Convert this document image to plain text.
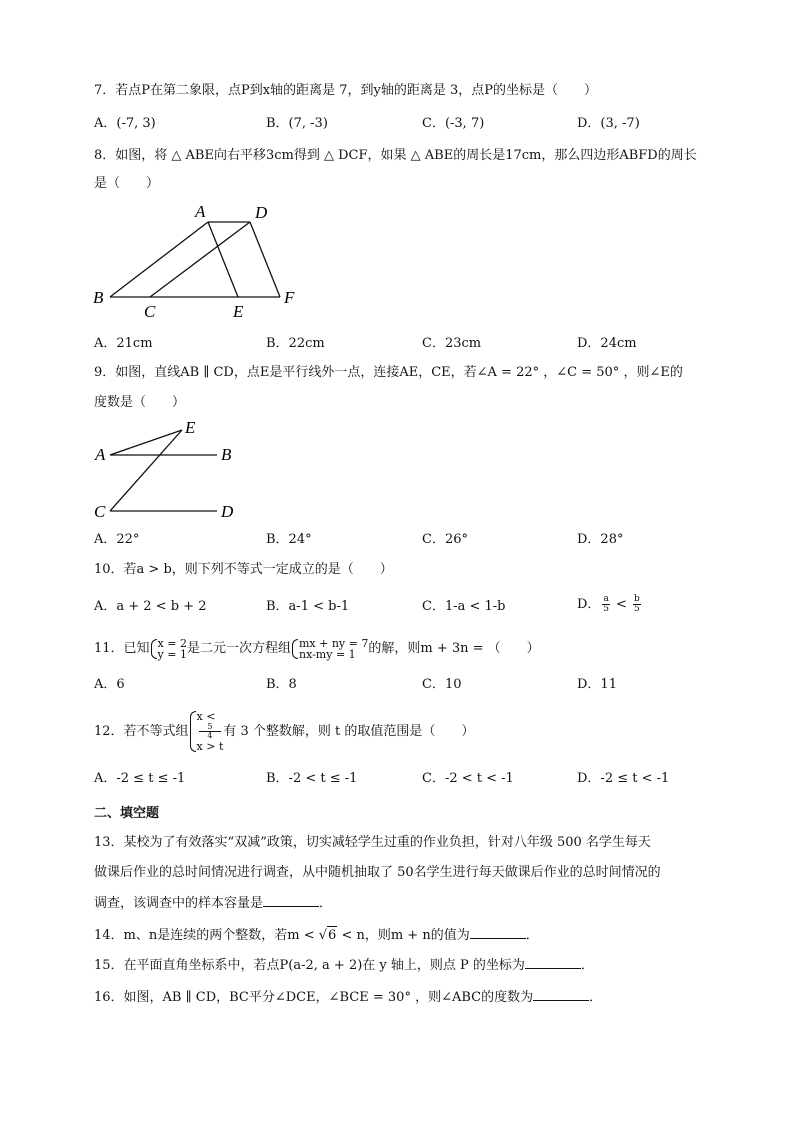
7．若点P在第二象限，点P到x轴的距离是 7，到y轴的距离是 3，点P的坐标是（　　）
A．(-7, 3)	B．(7, -3)	C．(-3, 7)	D．(3, -7)
8．如图，将 △ ABE向右平移3cm得到 △ DCF，如果 △ ABE的周长是17cm，那么四边形ABFD的周长
是（　　）
A	D
B
C	E
F
A．21cm	B．22cm	C．23cm	D．24cm
9．如图，直线AB ∥ CD，点E是平行线外一点，连接AE，CE，若∠A = 22° ，∠C = 50° ，则∠E的
度数是（　　）
E
A	B
C	D
A．22°	B．24°	C．26°	D．28°
10．若a > b，则下列不等式一定成立的是（　　）
A．a + 2 < b + 2	B．a-1 < b-1	C．1-a < 1-b	D． $\frac{a}{5} < \frac{b}{5}$
11．已知 x = 2
y = 1 是二元一次方程组 mx + ny = 7
nx-my = 1 的解，则m + 3n = （　　）
A．6	B．8	C．10	D．11
12．若不等式组
x <
5
4
x > t
有 3 个整数解，则 t 的取值范围是（　　）
A．-2 ≤ t ≤ -1	B．-2 < t ≤ -1	C．-2 < t < -1	D．-2 ≤ t < -1
二、填空题
13．某校为了有效落实“双减”政策，切实减轻学生过重的作业负担，针对八年级 500 名学生每天
做课后作业的总时间情况进行调查，从中随机抽取了 50名学生进行每天做课后作业的总时间情况的
调查，该调查中的样本容量是	．
14．m、n是连续的两个整数，若m < √6 < n，则m + n的值为	．
15．在平面直角坐标系中，若点P(a-2, a + 2)在 y 轴上，则点 P 的坐标为	．
16．如图，AB ∥ CD，BC平分∠DCE，∠BCE = 30° ，则∠ABC的度数为	．
